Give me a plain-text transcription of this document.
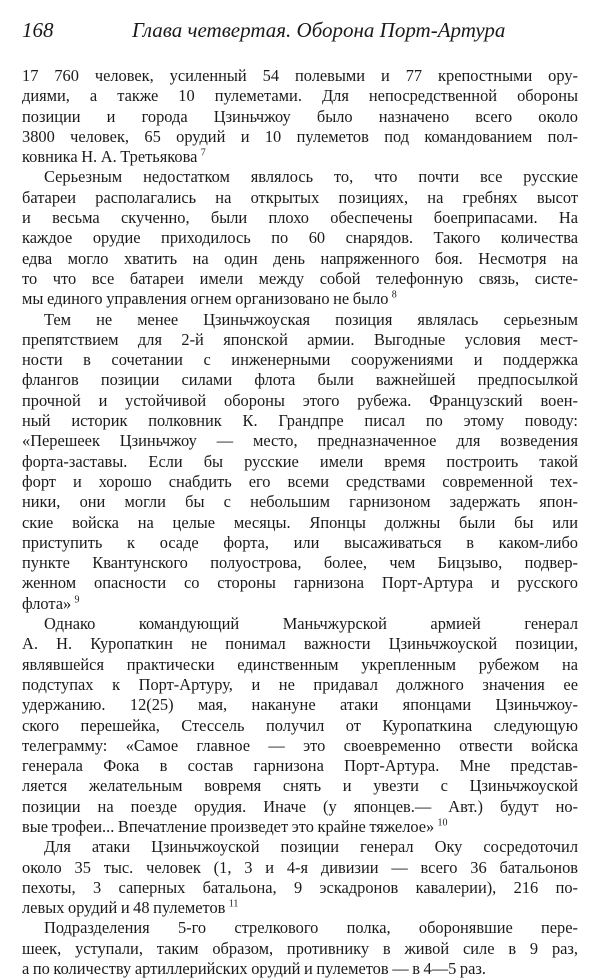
168	Глава четвертая. Оборона Порт-Артура
17 760 человек, усиленный 54 полевыми и 77 крепостными ору-
диями, а также 10 пулеметами. Для непосредственной обороны
позиции и города Цзиньчжоу было назначено всего около
3800 человек, 65 орудий и 10 пулеметов под командованием пол-
ковника Н. А. Третьякова  $^7$
Серьезным недостатком являлось то, что почти все русские
батареи располагались на открытых позициях, на гребнях высот
и весьма скученно, были плохо обеспечены боеприпасами. На
каждое орудие приходилось по 60 снарядов. Такого количества
едва могло хватить на один день напряженного боя. Несмотря на
то что все батареи имели между собой телефонную связь, систе-
мы единого управления огнем организовано не было  $^8$
Тем не менее Цзиньчжоуская позиция являлась серьезным
препятствием для 2-й японской армии. Выгодные условия мест-
ности в сочетании с инженерными сооружениями и поддержка
флангов позиции силами флота были важнейшей предпосылкой
прочной и устойчивой обороны этого рубежа. Французский воен-
ный историк полковник К. Грандпре писал по этому поводу:
«Перешеек Цзиньчжоу — место, предназначенное для возведения
форта-заставы. Если бы русские имели время построить такой
форт и хорошо снабдить его всеми средствами современной тех-
ники, они могли бы с небольшим гарнизоном задержать япон-
ские войска на целые месяцы. Японцы должны были бы или
приступить к осаде форта, или высаживаться в каком-либо
пункте Квантунского полуострова, более, чем Бицзыво, подвер-
женном опасности со стороны гарнизона Порт-Артура и русского
флота»  $^9$
Однако командующий Маньчжурской армией генерал
А. Н. Куропаткин не понимал важности Цзиньчжоуской позиции,
являвшейся практически единственным укрепленным рубежом на
подступах к Порт-Артуру, и не придавал должного значения ее
удержанию. 12(25) мая, накануне атаки японцами Цзиньчжоу-
ского перешейка, Стессель получил от Куропаткина следующую
телеграмму: «Самое главное — это своевременно отвести войска
генерала Фока в состав гарнизона Порт-Артура. Мне представ-
ляется желательным вовремя снять и увезти с Цзиньчжоуской
позиции на поезде орудия. Иначе (у японцев.— Авт.) будут но-
вые трофеи... Впечатление произведет это крайне тяжелое»  $^{10}$
Для атаки Цзиньчжоуской позиции генерал Оку сосредоточил
около 35 тыс. человек (1, 3 и 4-я дивизии — всего 36 батальонов
пехоты, 3 саперных батальона, 9 эскадронов кавалерии), 216 по-
левых орудий и 48 пулеметов  $^{11}$
Подразделения 5-го стрелкового полка, оборонявшие пере-
шеек, уступали, таким образом, противнику в живой силе в 9 раз,
а по количеству артиллерийских орудий и пулеметов — в 4—5 раз.
